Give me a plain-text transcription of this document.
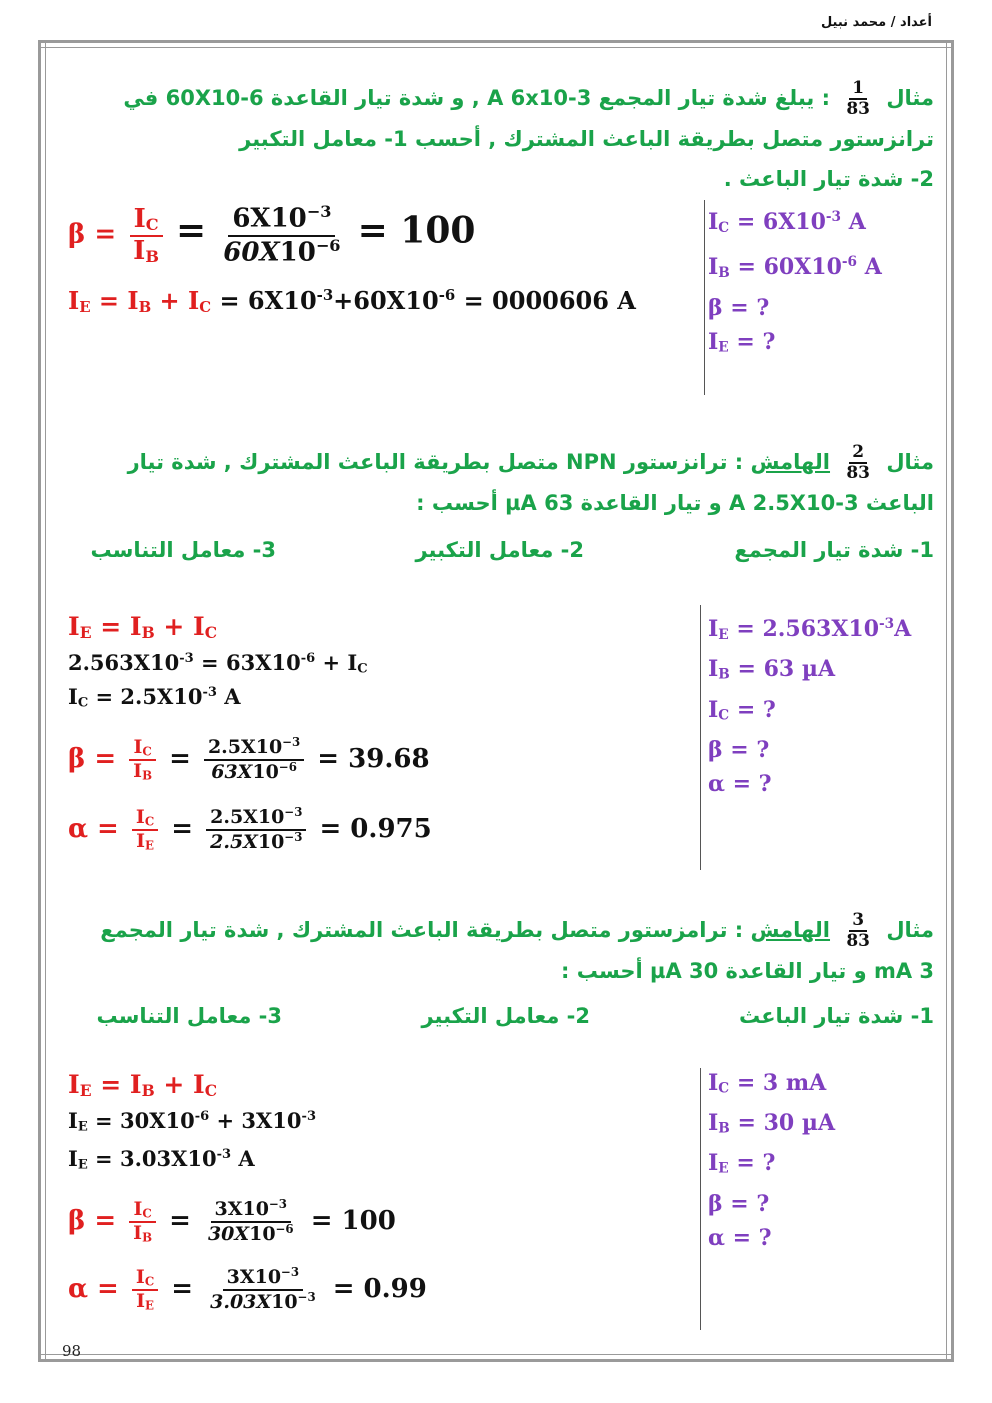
أعداد / محمد نبيل
98
مثال
$\frac{1}{83}$
: يبلغ شدة تيار المجمع A ‎6x10-3‎ , و شدة تيار القاعدة ‎60X10-6‎ في
ترانزستور متصل بطريقة الباعث المشترك , أحسب 1- معامل التكبير
2- شدة تيار الباعث .
$I_C = 6X10^{-3}$ A
$I_B = 60X10^{-6}$ A
β = ?
$I_E$ = ?
$\beta = \frac{I_C}{I_B} = \frac{6X10^{-3}}{60X10^{-6}} = 100$
IE = IB + IC = $6X10^{-3}+60X10^{-6} = 0000606$ A
مثال
$\frac{2}{83}$
الهامش : ترانزستور NPN متصل بطريقة الباعث المشترك , شدة تيار
الباعث A ‎2.5X10-3‎ و تيار القاعدة µA 63 أحسب :
1- شدة تيار المجمع
2- معامل التكبير
3- معامل التناسب
$I_E = 2.563X10^{-3}A$
$I_B = 63$ µA
$I_C$ = ?
β = ?
α = ?
$I_E = I_B + I_C$
$2.563X10^{-3} = 63X10^{-6} + I_C$
$I_C = 2.5X10^{-3}$ A
$\beta = \frac{I_C}{I_B} = \frac{2.5X10^{-3}}{63X10^{-6}} = 39.68$
$\alpha = \frac{I_C}{I_E} = \frac{2.5X10^{-3}}{2.5X10^{-3}} = 0.975$
مثال
$\frac{3}{83}$
الهامش : ترامزستور متصل بطريقة الباعث المشترك , شدة تيار المجمع
mA 3 و تيار القاعدة µA 30 أحسب :
1- شدة تيار الباعث
2- معامل التكبير
3- معامل التناسب
$I_C = 3$ mA
$I_B = 30$ µA
$I_E$ = ?
β = ?
α = ?
$I_E = I_B + I_C$
$I_E = 30X10^{-6} + 3X10^{-3}$
$I_E = 3.03X10^{-3}$ A
$\beta = \frac{I_C}{I_B} = \frac{3X10^{-3}}{30X10^{-6}} = 100$
$\alpha = \frac{I_C}{I_E} = \frac{3X10^{-3}}{3.03X10^{-3}} = 0.99$
